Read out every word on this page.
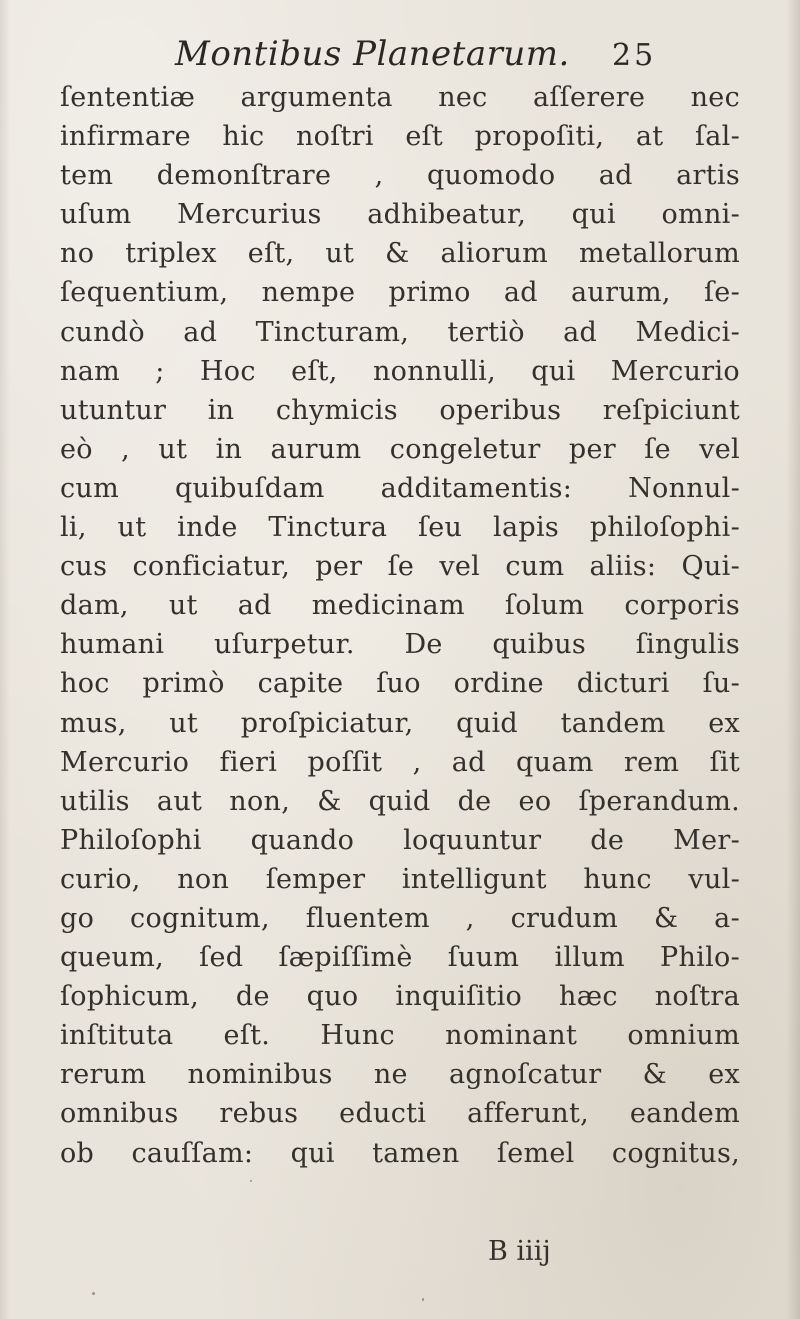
Montibus Planetarum. 25
ſententiæ argumenta nec aſſerere nec
infirmare hic noſtri eſt propoſiti, at ſal-
tem demonſtrare , quomodo ad artis
uſum Mercurius adhibeatur, qui omni-
no triplex eſt, ut & aliorum metallorum
ſequentium, nempe primo ad aurum, ſe-
cundò ad Tincturam, tertiò ad Medici-
nam ; Hoc eſt, nonnulli, qui Mercurio
utuntur in chymicis operibus reſpiciunt
eò , ut in aurum congeletur per ſe vel
cum quibuſdam additamentis: Nonnul-
li, ut inde Tinctura ſeu lapis philoſophi-
cus conficiatur, per ſe vel cum aliis: Qui-
dam, ut ad medicinam ſolum corporis
humani uſurpetur. De quibus ſingulis
hoc primò capite ſuo ordine dicturi ſu-
mus, ut proſpiciatur, quid tandem ex
Mercurio fieri poſſit , ad quam rem ſit
utilis aut non, & quid de eo ſperandum.
Philoſophi quando loquuntur de Mer-
curio, non ſemper intelligunt hunc vul-
go cognitum, fluentem , crudum & a-
queum, ſed ſæpiſſimè ſuum illum Philo-
ſophicum, de quo inquiſitio hæc noſtra
inſtituta eſt. Hunc nominant omnium
rerum nominibus ne agnoſcatur & ex
omnibus rebus educti afferunt, eandem
ob cauſſam: qui tamen ſemel cognitus,
B iiij
